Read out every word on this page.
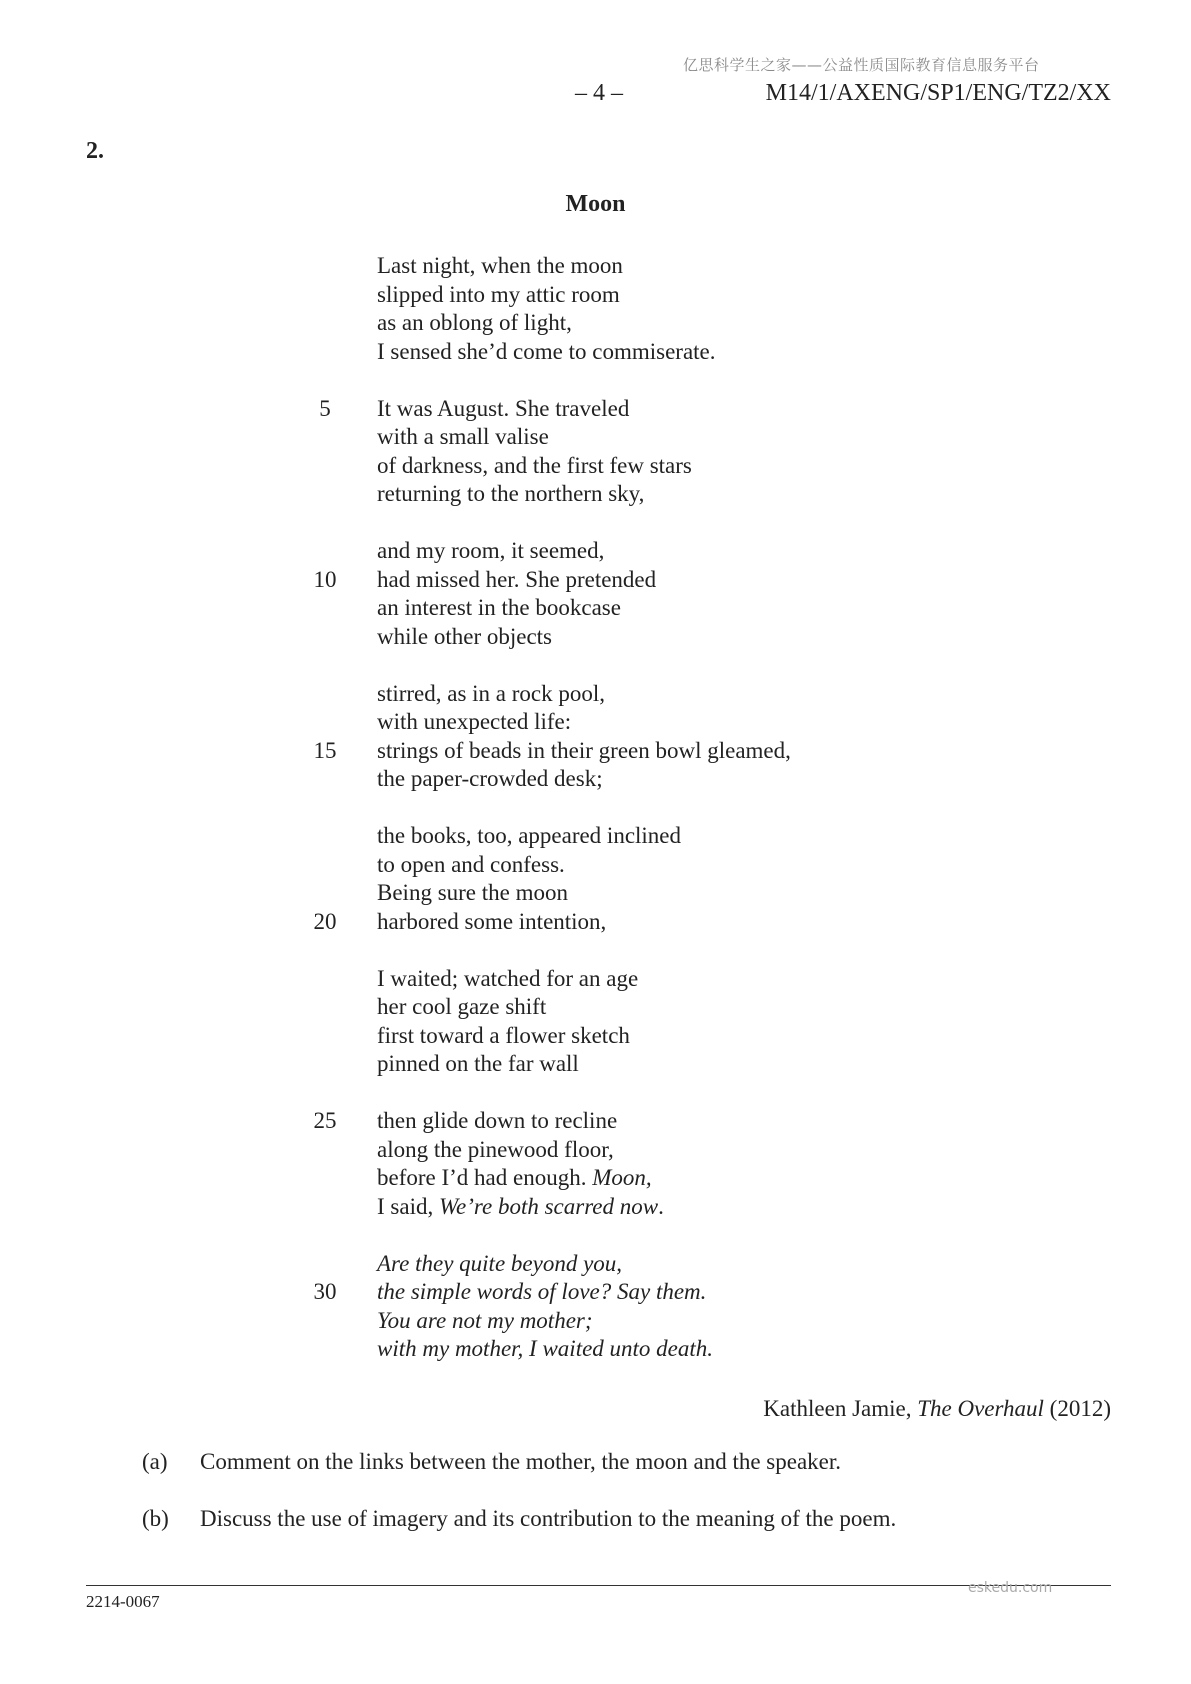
亿思科学生之家——公益性质国际教育信息服务平台
– 4 –	M14/1/AXENG/SP1/ENG/TZ2/XX
2.
Moon
Last night, when the moon
slipped into my attic room
as an oblong of light,
I sensed she’d come to commiserate.
5	It was August. She traveled
with a small valise
of darkness, and the first few stars
returning to the northern sky,
and my room, it seemed,
10	had missed her. She pretended
an interest in the bookcase
while other objects
stirred, as in a rock pool,
with unexpected life:
15	strings of beads in their green bowl gleamed,
the paper-crowded desk;
the books, too, appeared inclined
to open and confess.
Being sure the moon
20	harbored some intention,
I waited; watched for an age
her cool gaze shift
first toward a flower sketch
pinned on the far wall
25	then glide down to recline
along the pinewood floor,
before I’d had enough. Moon,
I said, We’re both scarred now.
Are they quite beyond you,
30	the simple words of love? Say them.
You are not my mother;
with my mother, I waited unto death.
Kathleen Jamie, The Overhaul (2012)
(a) Comment on the links between the mother, the moon and the speaker.
(b) Discuss the use of imagery and its contribution to the meaning of the poem.
2214-0067
eskedu.com
